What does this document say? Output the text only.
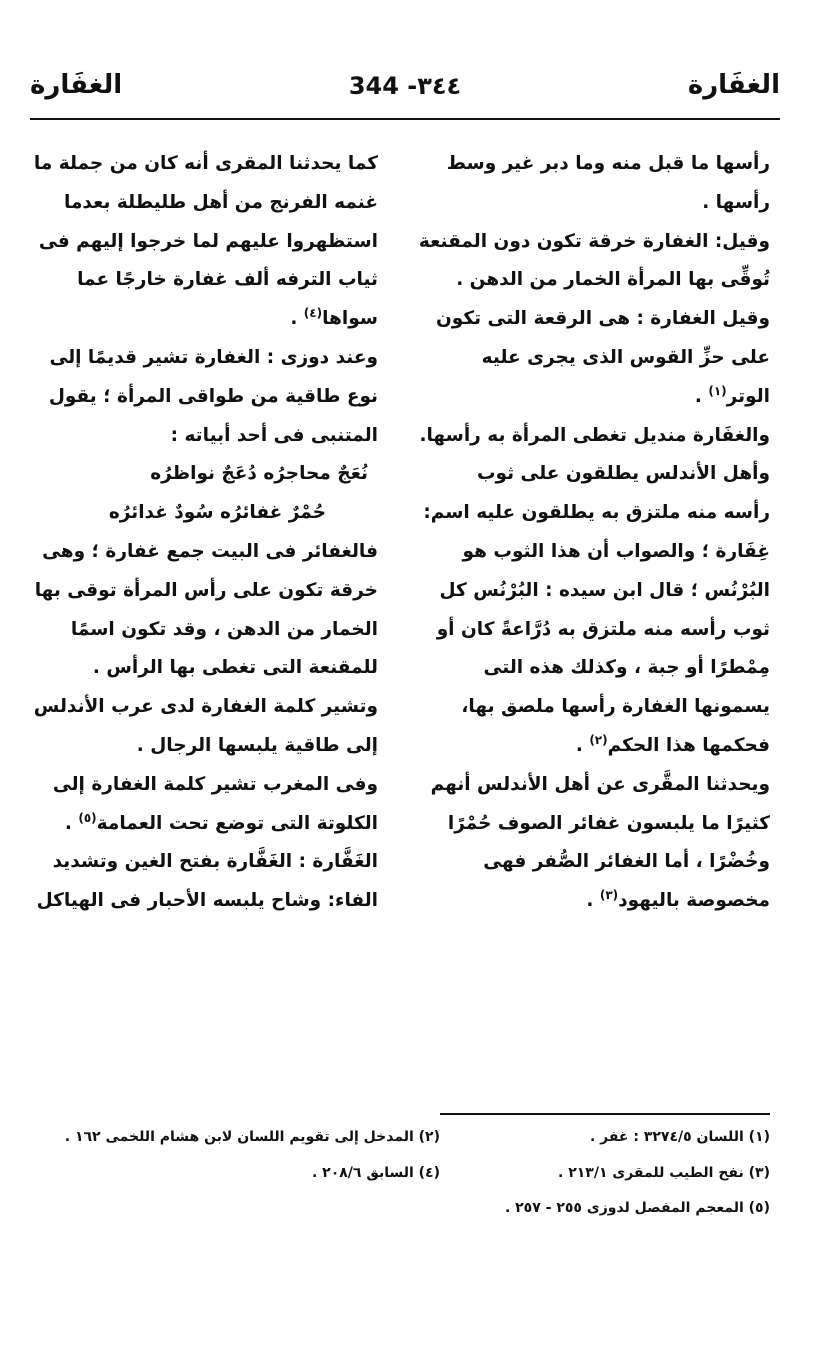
الغفَارة
344 -٣٤٤
الغفَارة

رأسها ما قبل منه وما دبر غير وسط

رأسها .

وقيل: الغفارة خرقة تكون دون المقنعة

تُوقِّى بها المرأة الخمار من الدهن .

وقيل الغفارة : هى الرقعة التى تكون

على حزِّ القوس الذى يجرى عليه

الوتر$^{(١)}$ .

والغفَارة منديل تغطى المرأة به رأسها.

وأهل الأندلس يطلقون على ثوب

رأسه منه ملتزق به يطلقون عليه اسم:

غِفَارة ؛ والصواب أن هذا الثوب هو

البُرْنُس ؛ قال ابن سيده : البُرْنُس كل

ثوب رأسه منه ملتزق به دُرَّاعةً كان أو

مِمْطرًا أو جبة ، وكذلك هذه التى

يسمونها الغفارة رأسها ملصق بها،

فحكمها هذا الحكم$^{(٢)}$ .

ويحدثنا المقَّرى عن أهل الأندلس أنهم

كثيرًا ما يلبسون غفائر الصوف حُمْرًا

وخُضْرًا ، أما الغفائر الصُّفر فهى

مخصوصة باليهود$^{(٣)}$ .

كما يحدثنا المقرى أنه كان من جملة ما

غنمه الفرنج من أهل طليطلة بعدما

استظهروا عليهم لما خرجوا إليهم فى

ثياب الترفه ألف غفارة خارجًا عما

سواها$^{(٤)}$ .

وعند دوزى : الغفارة تشير قديمًا إلى

نوع طاقية من طواقى المرأة ؛ يقول

المتنبى فى أحد أبياته :

نُعَجٌ محاجرُه دُعَجٌ نواظرُه

حُمْرٌ غفائرُه سُودٌ غدائرُه

فالغفائر فى البيت جمع غفارة ؛ وهى

خرقة تكون على رأس المرأة توقى بها

الخمار من الدهن ، وقد تكون اسمًا

للمقنعة التى تغطى بها الرأس .

وتشير كلمة الغفارة لدى عرب الأندلس

إلى طاقية يلبسها الرجال .

وفى المغرب تشير كلمة الغفارة إلى

الكلوتة التى توضع تحت العمامة$^{(٥)}$ .

الغَفَّارة : الغَفَّارة بفتح الغين وتشديد

الفاء: وشاح يلبسه الأحبار فى الهياكل

(١) اللسان ٣٢٧٤/٥ : غفر .
(٢) المدخل إلى تقويم اللسان لابن هشام اللخمى ١٦٢ .
(٣) نفح الطيب للمقرى ٢١٣/١ .
(٤) السابق ٢٠٨/٦ .
(٥) المعجم المفصل لدوزى ٢٥٥ - ٢٥٧ .
